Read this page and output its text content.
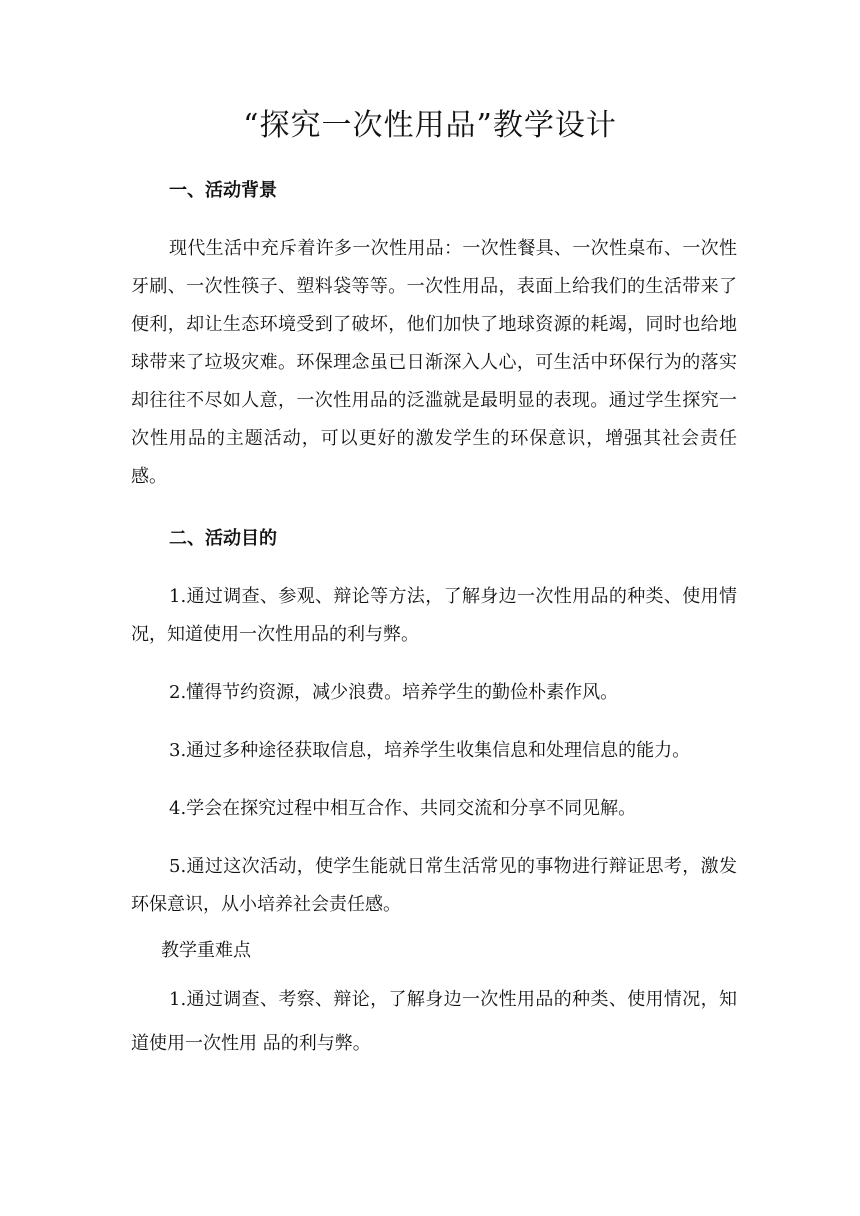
“探究一次性用品”教学设计
一、活动背景

现代生活中充斥着许多一次性用品：一次性餐具、一次性桌布、一次性牙刷、一次性筷子、塑料袋等等。一次性用品，表面上给我们的生活带来了便利，却让生态环境受到了破坏，他们加快了地球资源的耗竭，同时也给地球带来了垃圾灾难。环保理念虽已日渐深入人心，可生活中环保行为的落实却往往不尽如人意，一次性用品的泛滥就是最明显的表现。通过学生探究一次性用品的主题活动，可以更好的激发学生的环保意识，增强其社会责任感。

二、活动目的

1.通过调查、参观、辩论等方法，了解身边一次性用品的种类、使用情况，知道使用一次性用品的利与弊。

2.懂得节约资源，减少浪费。培养学生的勤俭朴素作风。

3.通过多种途径获取信息，培养学生收集信息和处理信息的能力。

4.学会在探究过程中相互合作、共同交流和分享不同见解。

5.通过这次活动，使学生能就日常生活常见的事物进行辩证思考，激发环保意识，从小培养社会责任感。

教学重难点

1.通过调查、考察、辩论，了解身边一次性用品的种类、使用情况，知道使用一次性用 品的利与弊。
